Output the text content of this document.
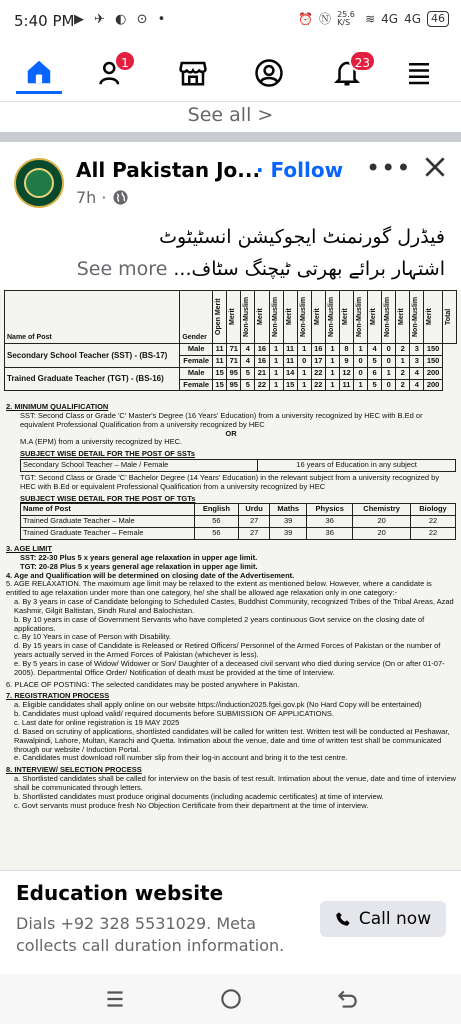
5:40 PM ▶ ✈ ◐ ⊙ •	⏰ Ⓝ 25.6 K/S	≋ 4G 4G 46
1	23
See all >
All Pakistan Jo...
· Follow
7h ·
•••
فیڈرل گورنمنٹ ایجوکیشن انسٹیٹوٹ
See more اشتہار برائے بھرتی ٹیچنگ سٹاف...
Name of Post	Gender	Open Merit	Merit	Non-Muslim	Merit	Non-Muslim	Merit	Non-Muslim	Merit	Non-Muslim	Merit	Non-Muslim	Merit	Non-Muslim	Merit	Non-Muslim	Merit	Total

Secondary School Teacher (SST) - (BS-17)	Male	11	71	4	16	1	11	1	16	1	8	1	4	0	2	3	150	
	Female	11	71	4	16	1	11	0	17	1	9	0	5	0	1	3	150	
Trained Graduate Teacher (TGT) - (BS-16)	Male	15	95	5	21	1	14	1	22	1	12	0	6	1	2	4	200	
	Female	15	95	5	22	1	15	1	22	1	11	1	5	0	2	4	200	
2. MINIMUM QUALIFICATION
SST: Second Class or Grade 'C' Master's Degree (16 Years' Education) from a university recognized by HEC with B.Ed or equivalent Professional Qualification from a university recognized by HEC
OR
M.A (EPM) from a university recognized by HEC.
SUBJECT WISE DETAIL FOR THE POST OF SSTs
Secondary School Teacher – Male / Female	16 years of Education in any subject
TGT: Second Class or Grade 'C' Bachelor Degree (14 Years' Education) in the relevant subject from a university recognized by HEC with B.Ed or equivalent Professional Qualification from a university recognized by HEC
SUBJECT WISE DETAIL FOR THE POST OF TGTs
Name of Post	English	Urdu	Maths	Physics	Chemistry	Biology
Trained Graduate Teacher – Male	56	27	39	36	20	22
Trained Graduate Teacher – Female	56	27	39	36	20	22
3. AGE LIMIT
SST: 22-30 Plus 5 x years general age relaxation in upper age limit.
TGT: 20-28 Plus 5 x years general age relaxation in upper age limit.
4. Age and Qualification will be determined on closing date of the Advertisement.
5. AGE RELAXATION. The maximum age limit may be relaxed to the extent as mentioned below. However, where a candidate is entitled to age relaxation under more than one category, he/ she shall be allowed age relaxation only in one category:-
a. By 3 years in case of Candidate belonging to Scheduled Castes, Buddhist Community, recognized Tribes of the Tribal Areas, Azad Kashmir, Gilgit Baltistan, Sindh Rural and Balochistan.
b. By 10 years in case of Government Servants who have completed 2 years continuous Govt service on the closing date of applications.
c. By 10 Years in case of Person with Disability.
d. By 15 years in case of Candidate is Released or Retired Officers/ Personnel of the Armed Forces of Pakistan or the number of years actually served in the Armed Forces of Pakistan (whichever is less).
e. By 5 years in case of Widow/ Widower or Son/ Daughter of a deceased civil servant who died during service (On or after 01-07-2005). Departmental Office Order/ Notification of death must be provided at the time of Interview.
6. PLACE OF POSTING: The selected candidates may be posted anywhere in Pakistan.
7. REGISTRATION PROCESS
a. Eligible candidates shall apply online on our website https://induction2025.fgei.gov.pk (No Hard Copy will be entertained)
b. Candidates must upload valid/ required documents before SUBMISSION OF APPLICATIONS.
c. Last date for online registration is 19 MAY 2025
d. Based on scrutiny of applications, shortlisted candidates will be called for written test. Written test will be conducted at Peshawar, Rawalpindi, Lahore, Multan, Karachi and Quetta. Intimation about the venue, date and time of written test shall be communicated through our website / Induction Portal.
e. Candidates must download roll number slip from their log-in account and bring it to the test centre.
8. INTERVIEW/ SELECTION PROCESS
a. Shortlisted candidates shall be called for interview on the basis of test result. Intimation about the venue, date and time of interview shall be communicated through letters.
b. Shortlisted candidates must produce original documents (including academic certificates) at time of interview.
c. Govt servants must produce fresh No Objection Certificate from their department at the time of interview.
Education website
Dials +92 328 5531029. Meta collects call duration information.
Call now
